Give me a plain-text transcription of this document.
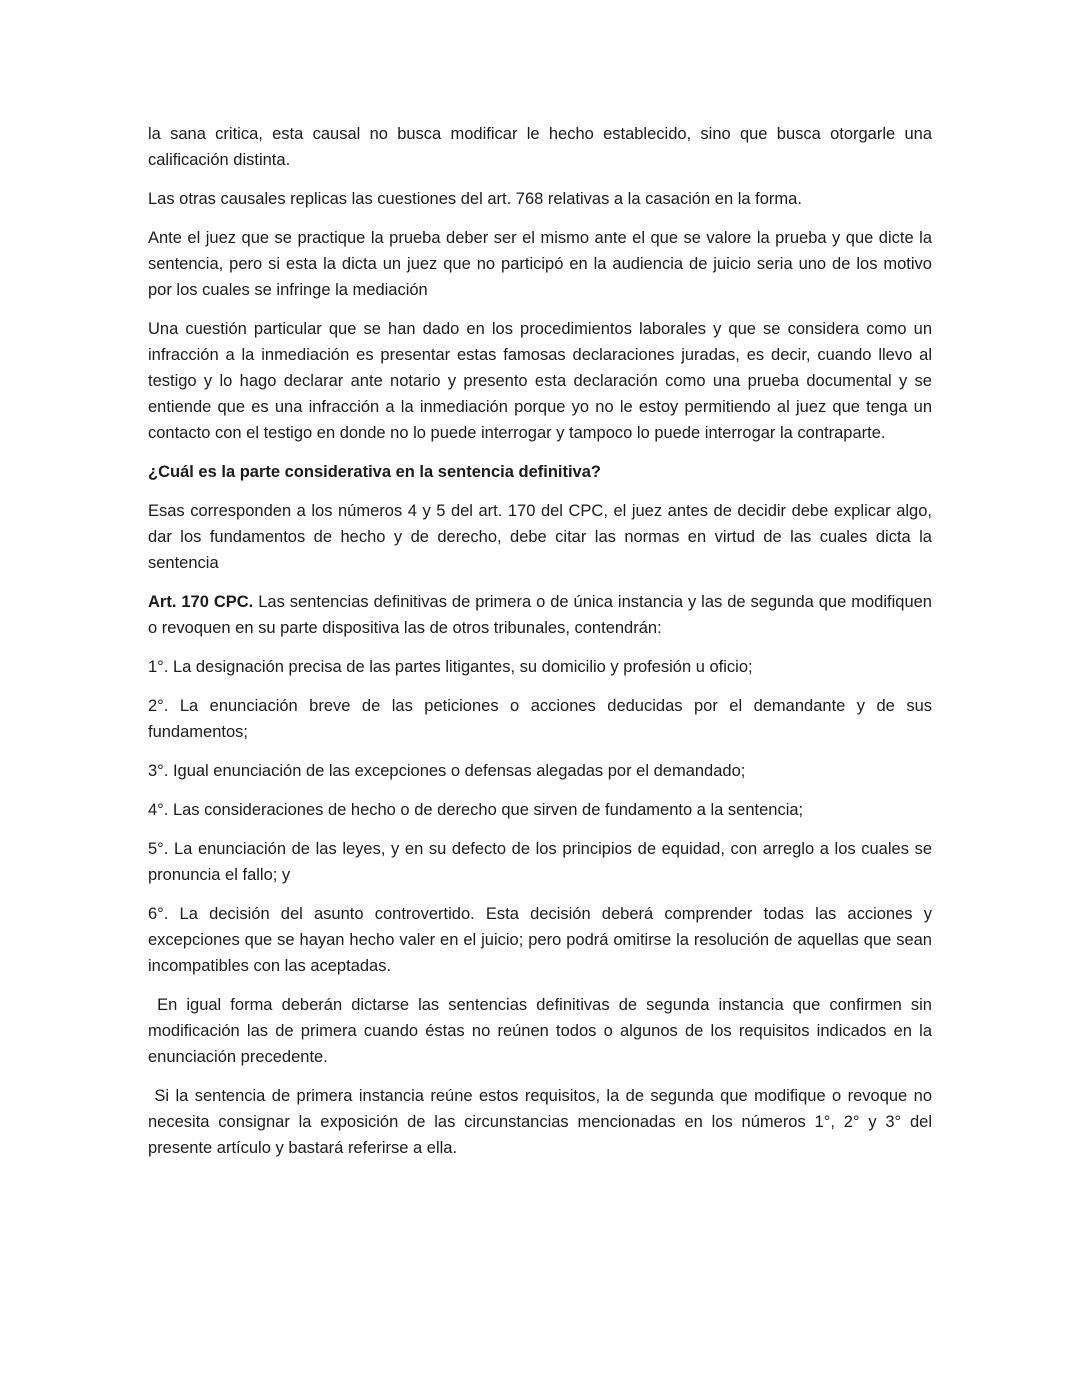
la sana critica, esta causal no busca modificar le hecho establecido, sino que busca otorgarle una calificación distinta.

Las otras causales replicas las cuestiones del art. 768 relativas a la casación en la forma.

Ante el juez que se practique la prueba deber ser el mismo ante el que se valore la prueba y que dicte la sentencia, pero si esta la dicta un juez que no participó en la audiencia de juicio seria uno de los motivo por los cuales se infringe la mediación

Una cuestión particular que se han dado en los procedimientos laborales y que se considera como un infracción a la inmediación es presentar estas famosas declaraciones juradas, es decir, cuando llevo al testigo y lo hago declarar ante notario y presento esta declaración como una prueba documental y se entiende que es una infracción a la inmediación porque yo no le estoy permitiendo al juez que tenga un contacto con el testigo en donde no lo puede interrogar y tampoco lo puede interrogar la contraparte.

¿Cuál es la parte considerativa en la sentencia definitiva?

Esas corresponden a los números 4 y 5 del art. 170 del CPC, el juez antes de decidir debe explicar algo, dar los fundamentos de hecho y de derecho, debe citar las normas en virtud de las cuales dicta la sentencia

Art. 170 CPC. Las sentencias definitivas de primera o de única instancia y las de segunda que modifiquen o revoquen en su parte dispositiva las de otros tribunales, contendrán:

1°. La designación precisa de las partes litigantes, su domicilio y profesión u oficio;

2°. La enunciación breve de las peticiones o acciones deducidas por el demandante y de sus fundamentos;

3°. Igual enunciación de las excepciones o defensas alegadas por el demandado;

4°. Las consideraciones de hecho o de derecho que sirven de fundamento a la sentencia;

5°. La enunciación de las leyes, y en su defecto de los principios de equidad, con arreglo a los cuales se pronuncia el fallo; y

6°. La decisión del asunto controvertido. Esta decisión deberá comprender todas las acciones y excepciones que se hayan hecho valer en el juicio; pero podrá omitirse la resolución de aquellas que sean incompatibles con las aceptadas.

En igual forma deberán dictarse las sentencias definitivas de segunda instancia que confirmen sin modificación las de primera cuando éstas no reúnen todos o algunos de los requisitos indicados en la enunciación precedente.

Si la sentencia de primera instancia reúne estos requisitos, la de segunda que modifique o revoque no necesita consignar la exposición de las circunstancias mencionadas en los números 1°, 2° y 3° del presente artículo y bastará referirse a ella.
